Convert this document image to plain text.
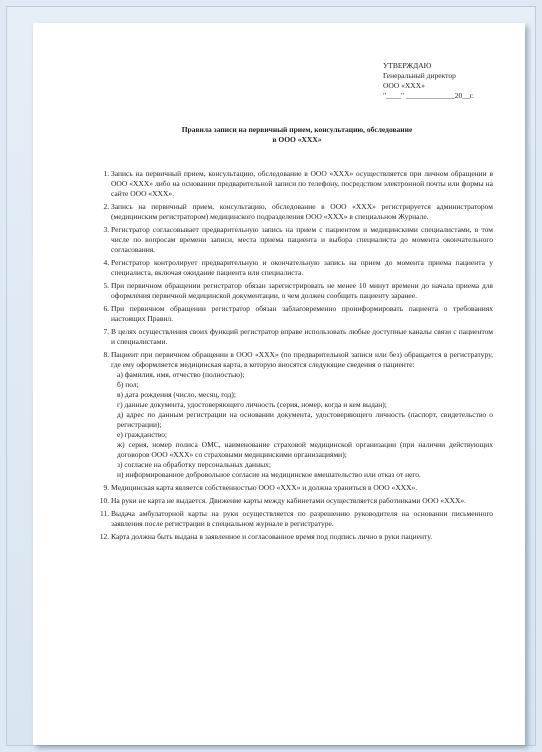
УТВЕРЖДАЮ
Генеральный директор
ООО «ХХХ»
"____" _____________20__г.
Правила записи на первичный прием, консультацию, обследование
в ООО «ХХХ»
1. Запись на первичный прием, консультацию, обследование в ООО «ХХХ» осуществляется при личном обращении в ООО «ХХХ» либо на основании предварительной записи по телефону, посредством электронной почты или формы на сайте ООО «ХХХ».
2. Запись на первичный прием, консультацию, обследование в ООО «ХХХ» регистрируется администратором (медицинским регистратором) медицинского подразделения ООО «ХХХ» в специальном Журнале.
3. Регистратор согласовывает предварительную запись на прием с пациентом и медицинскими специалистами, в том числе по вопросам времени записи, места приема пациента и выбора специалиста до момента окончательного согласования.
4. Регистратор контролирует предварительную и окончательную запись на прием до момента приема пациента у специалиста, включая ожидание пациента или специалиста.
5. При первичном обращении регистратор обязан зарегистрировать не менее 10 минут времени до начала приема для оформления первичной медицинской документации, о чем должен сообщить пациенту заранее.
6. При первичном обращении регистратор обязан заблаговременно проинформировать пациента о требованиях настоящих Правил.
7. В целях осуществления своих функций регистратор вправе использовать любые доступные каналы связи с пациентом и специалистами.
8. Пациент при первичном обращении в ООО «ХХХ» (по предварительной записи или без) обращается в регистратуру, где ему оформляется медицинская карта, в которую вносятся следующие сведения о пациенте:
а) фамилия, имя, отчество (полностью);
б) пол;
в) дата рождения (число, месяц, год);
г) данные документа, удостоверяющего личность (серия, номер, когда и кем выдан);
д) адрес по данным регистрации на основании документа, удостоверяющего личность (паспорт, свидетельство о регистрации);
е) гражданство;
ж) серия, номер полиса ОМС, наименование страховой медицинской организации (при наличии действующих договоров ООО «ХХХ» со страховыми медицинскими организациями);
з) согласие на обработку персональных данных;
и) информированное добровольное согласие на медицинское вмешательство или отказ от него.
9. Медицинская карта является собственностью ООО «ХХХ» и должна храниться в ООО «ХХХ».
10. На руки не карта не выдается. Движение карты между кабинетами осуществляется работниками ООО «ХХХ».
11. Выдача амбулаторной карты на руки осуществляется по разрешению руководителя на основании письменного заявления после регистрации в специальном журнале в регистратуре.
12. Карта должна быть выдана в заявленное и согласованное время под подпись лично в руки пациенту.
